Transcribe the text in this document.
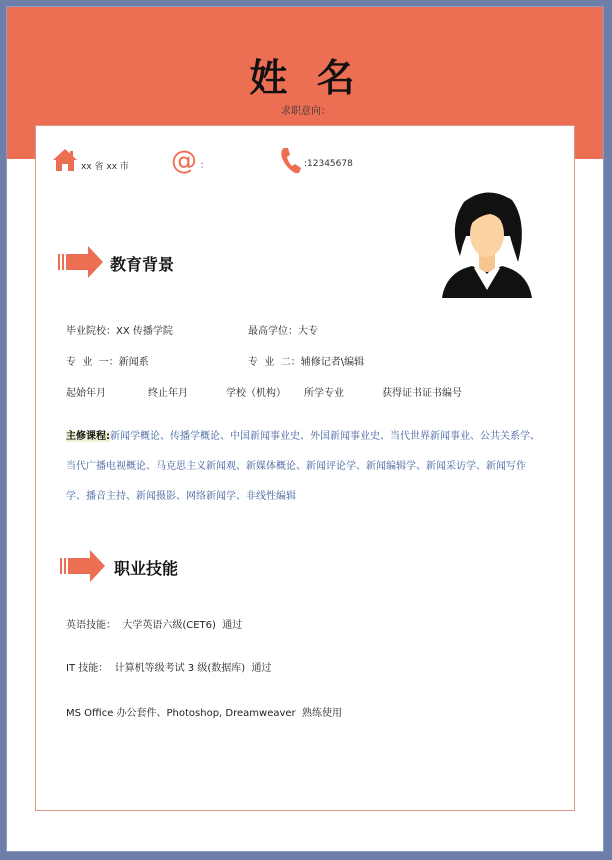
姓 名
求职意向：
xx 省 xx 市 @ ：	:12345678
教育背景
毕业院校：XX 传播学院	最高学位：大专
专  业  一：新闻系	专  业  二：辅修记者\编辑
起始年月	终止年月	学校（机构） 所学专业	获得证书证书编号
主修课程:新闻学概论、传播学概论、中国新闻事业史、外国新闻事业史、当代世界新闻事业、公共关系学、当代广播电视概论、马克思主义新闻观、新媒体概论、新闻评论学、新闻编辑学、新闻采访学、新闻写作学、播音主持、新闻摄影、网络新闻学、非线性编辑
职业技能
英语技能：  大学英语六级(CET6)  通过
IT 技能：  计算机等级考试 3 级(数据库)  通过
MS Office 办公套件、Photoshop, Dreamweaver  熟练使用
